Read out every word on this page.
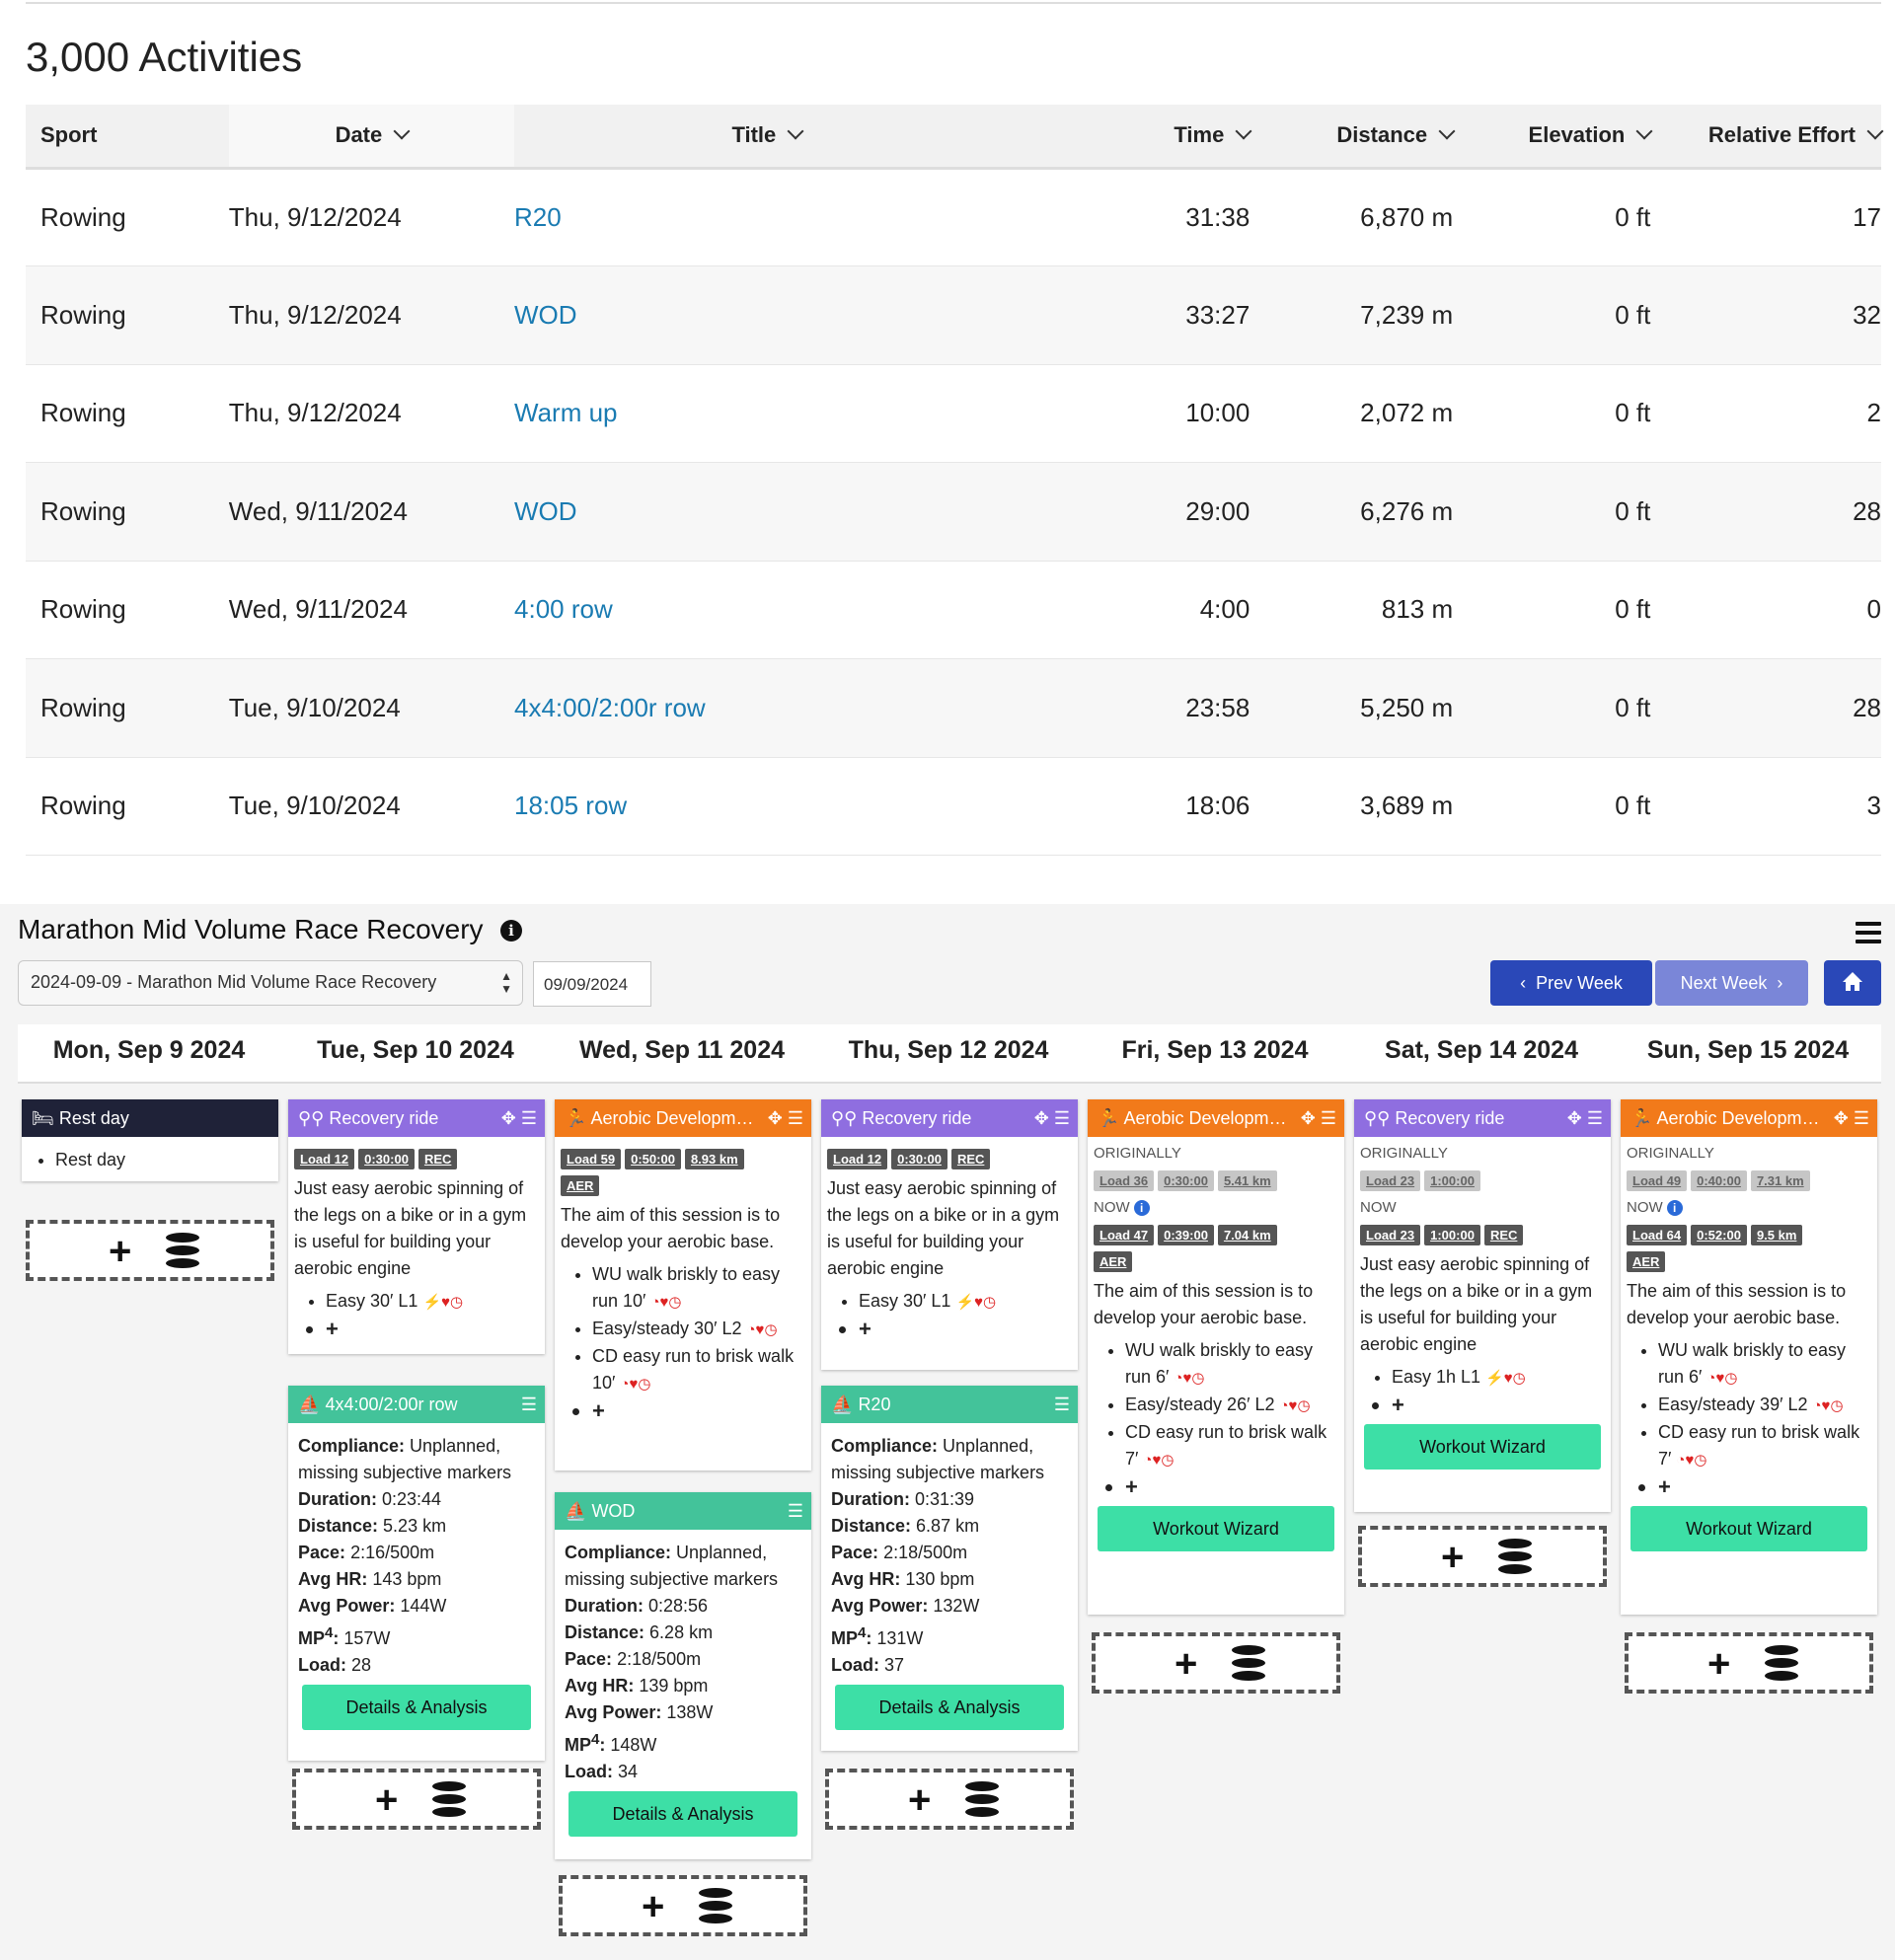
3,000 Activities
Sport	Date	Title	Time	Distance	Elevation	Relative Effort
Rowing	Thu, 9/12/2024	R20	31:38	6,870 m	0 ft	17
Rowing	Thu, 9/12/2024	WOD	33:27	7,239 m	0 ft	32
Rowing	Thu, 9/12/2024	Warm up	10:00	2,072 m	0 ft	2
Rowing	Wed, 9/11/2024	WOD	29:00	6,276 m	0 ft	28
Rowing	Wed, 9/11/2024	4:00 row	4:00	813 m	0 ft	0
Rowing	Tue, 9/10/2024	4x4:00/2:00r row	23:58	5,250 m	0 ft	28
Rowing	Tue, 9/10/2024	18:05 row	18:06	3,689 m	0 ft	3
Marathon Mid Volume Race Recovery	i
2024-09-09 - Marathon Mid Volume Race Recovery	▲
▼	09/09/2024	‹  Prev Week	Next Week  ›
Mon, Sep 9 2024	Tue, Sep 10 2024	Wed, Sep 11 2024	Thu, Sep 12 2024	Fri, Sep 13 2024	Sat, Sep 14 2024	Sun, Sep 15 2024
🛏 Rest day
• Rest day
+
⚲⚲ Recovery ride	✥ ☰
Load 12 0:30:00 REC
Just easy aerobic spinning of the legs on a bike or in a gym is useful for building your aerobic engine
• Easy 30′ L1 ⚡♥◷
• +
⛵ 4x4:00/2:00r row	☰
Compliance: Unplanned, missing subjective markers
Duration: 0:23:44
Distance: 5.23 km
Pace: 2:16/500m
Avg HR: 143 bpm
Avg Power: 144W
$MP^4$: 157W
Load: 28
Details & Analysis
+
🏃 Aerobic Developm… ✥ ☰
Load 59 0:50:00 8.93 km
AER
The aim of this session is to develop your aerobic base.
• WU walk briskly to easy run 10′ ◔♥◷
• Easy/steady 30′ L2 ◔♥◷
• CD easy run to brisk walk 10′ ◔♥◷
• +
⛵ WOD	☰
Compliance: Unplanned, missing subjective markers
Duration: 0:28:56
Distance: 6.28 km
Pace: 2:18/500m
Avg HR: 139 bpm
Avg Power: 138W
$MP^4$: 148W
Load: 34
Details & Analysis
+
⚲⚲ Recovery ride	✥ ☰
Load 12 0:30:00 REC
Just easy aerobic spinning of the legs on a bike or in a gym is useful for building your aerobic engine
• Easy 30′ L1 ⚡♥◷
• +
⛵ R20	☰
Compliance: Unplanned, missing subjective markers
Duration: 0:31:39
Distance: 6.87 km
Pace: 2:18/500m
Avg HR: 130 bpm
Avg Power: 132W
$MP^4$: 131W
Load: 37
Details & Analysis
+
🏃 Aerobic Developm… ✥ ☰
ORIGINALLY
Load 36 0:30:00 5.41 km
NOW i
Load 47 0:39:00 7.04 km
AER
The aim of this session is to develop your aerobic base.
• WU walk briskly to easy run 6′ ◔♥◷
• Easy/steady 26′ L2 ◔♥◷
• CD easy run to brisk walk 7′ ◔♥◷
• +
Workout Wizard
+
⚲⚲ Recovery ride	✥ ☰
ORIGINALLY
Load 23 1:00:00
NOW
Load 23 1:00:00 REC
Just easy aerobic spinning of the legs on a bike or in a gym is useful for building your aerobic engine
• Easy 1h L1 ⚡♥◷
• +
Workout Wizard
+
🏃 Aerobic Developm… ✥ ☰
ORIGINALLY
Load 49 0:40:00 7.31 km
NOW i
Load 64 0:52:00 9.5 km
AER
The aim of this session is to develop your aerobic base.
• WU walk briskly to easy run 6′ ◔♥◷
• Easy/steady 39′ L2 ◔♥◷
• CD easy run to brisk walk 7′ ◔♥◷
• +
Workout Wizard
+
